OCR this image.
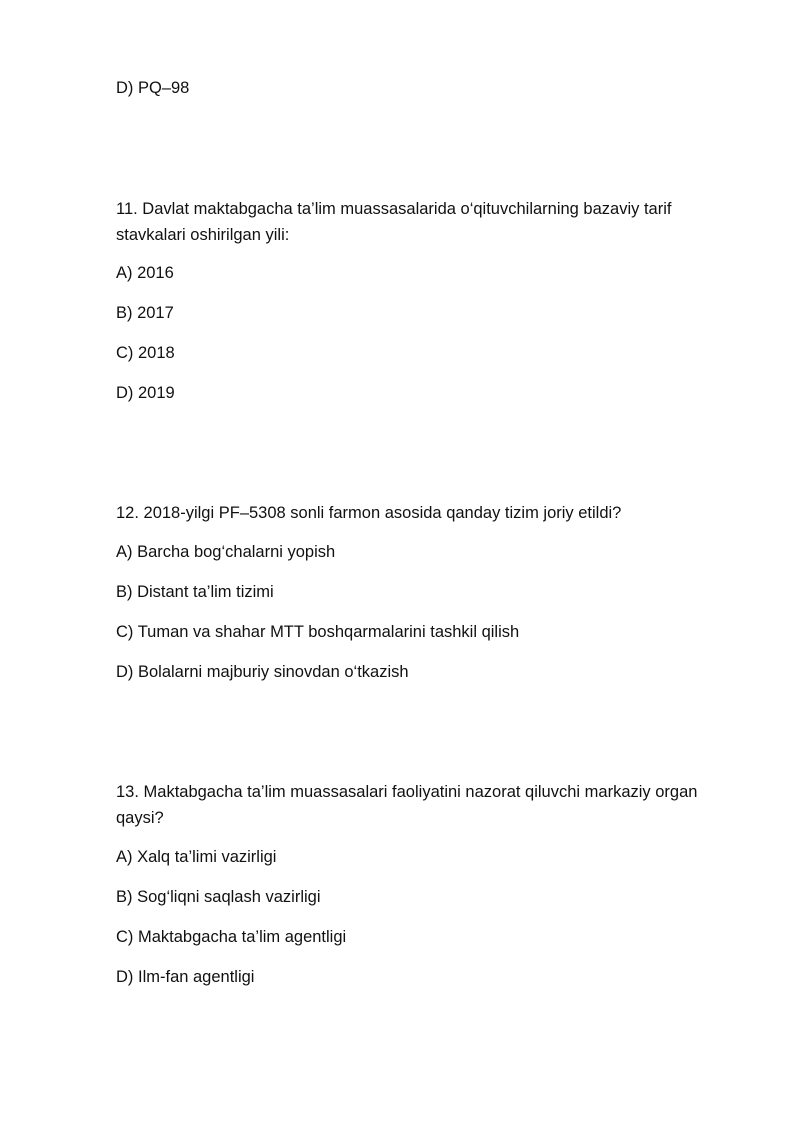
D) PQ–98
11. Davlat maktabgacha ta’lim muassasalarida o‘qituvchilarning bazaviy tarif stavkalari oshirilgan yili:
A) 2016
B) 2017
C) 2018
D) 2019
12. 2018-yilgi PF–5308 sonli farmon asosida qanday tizim joriy etildi?
A) Barcha bog‘chalarni yopish
B) Distant ta’lim tizimi
C) Tuman va shahar MTT boshqarmalarini tashkil qilish
D) Bolalarni majburiy sinovdan o‘tkazish
13. Maktabgacha ta’lim muassasalari faoliyatini nazorat qiluvchi markaziy organ qaysi?
A) Xalq ta’limi vazirligi
B) Sog‘liqni saqlash vazirligi
C) Maktabgacha ta’lim agentligi
D) Ilm-fan agentligi
